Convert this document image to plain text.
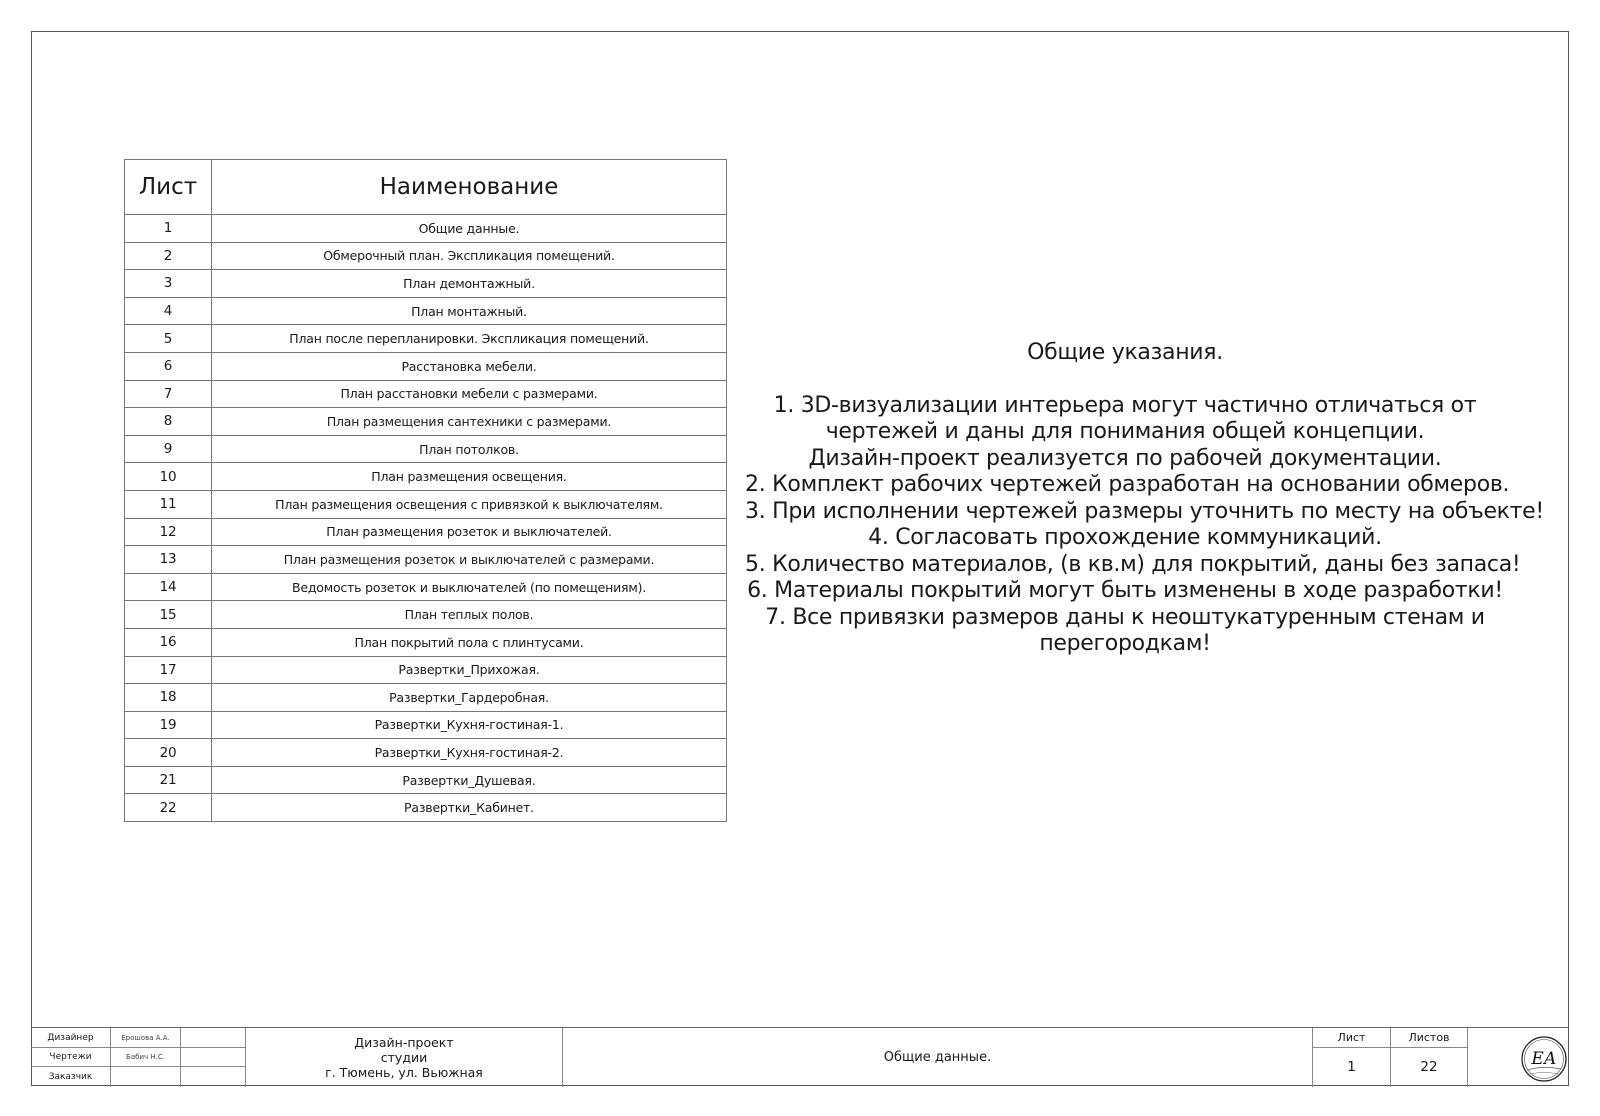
Лист	Наименование
1	Общие данные.
2	Обмерочный план. Экспликация помещений.
3	План демонтажный.
4	План монтажный.
5	План после перепланировки. Экспликация помещений.
6	Расстановка мебели.
7	План расстановки мебели с размерами.
8	План размещения сантехники с размерами.
9	План потолков.
10	План размещения освещения.
11	План размещения освещения с привязкой к выключателям.
12	План размещения розеток и выключателей.
13	План размещения розеток и выключателей с размерами.
14	Ведомость розеток и выключателей (по помещениям).
15	План теплых полов.
16	План покрытий пола с плинтусами.
17	Развертки_Прихожая.
18	Развертки_Гардеробная.
19	Развертки_Кухня-гостиная-1.
20	Развертки_Кухня-гостиная-2.
21	Развертки_Душевая.
22	Развертки_Кабинет.
Общие указания.
1. 3D-визуализации интерьера могут частично отличаться от
чертежей и даны для понимания общей концепции.
Дизайн-проект реализуется по рабочей документации.
2. Комплект рабочих чертежей разработан на основании обмеров.
3. При исполнении чертежей размеры уточнить по месту на объекте!
4. Согласовать прохождение коммуникаций.
5. Количество материалов, (в кв.м) для покрытий, даны без запаса!
6. Материалы покрытий могут быть изменены в ходе разработки!
7. Все привязки размеров даны к неоштукатуренным стенам и
перегородкам!
Дизайнер	Ерошова А.А.
Чертежи	Бабич Н.С.
Заказчик
Дизайн-проект
студии
г. Тюмень, ул. Вьюжная
Общие данные.
Лист	Листов
1	22	ЕА
